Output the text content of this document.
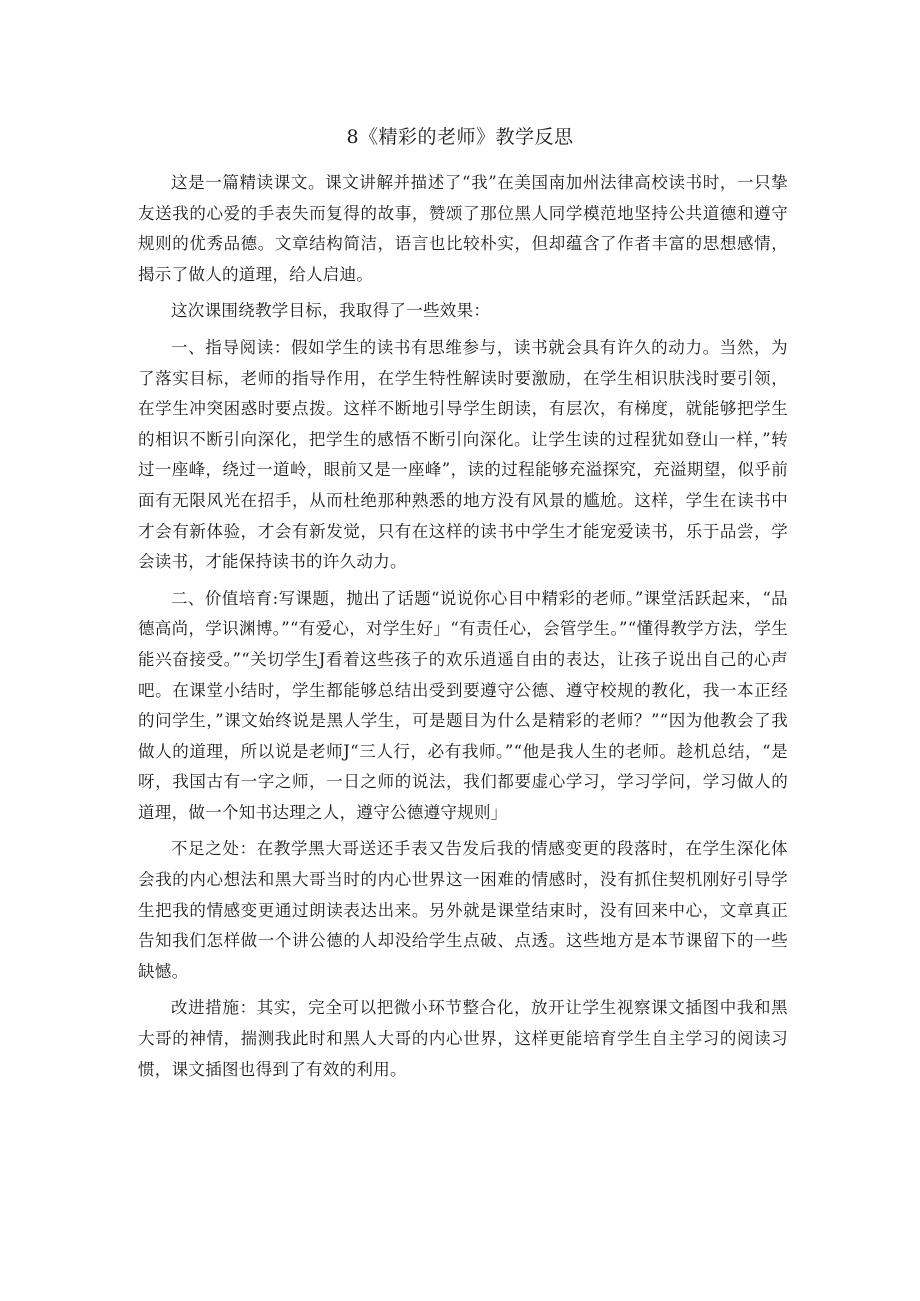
8《精彩的老师》教学反思

这是一篇精读课文。课文讲解并描述了“我”在美国南加州法律高校读书时，一只挚友送我的心爱的手表失而复得的故事，赞颂了那位黑人同学模范地坚持公共道德和遵守规则的优秀品德。文章结构简洁，语言也比较朴实，但却蕴含了作者丰富的思想感情，揭示了做人的道理，给人启迪。

这次课围绕教学目标，我取得了一些效果：

一、指导阅读：假如学生的读书有思维参与，读书就会具有许久的动力。当然，为了落实目标，老师的指导作用，在学生特性解读时要激励，在学生相识肤浅时要引领，在学生冲突困惑时要点拨。这样不断地引导学生朗读，有层次，有梯度，就能够把学生的相识不断引向深化，把学生的感悟不断引向深化。让学生读的过程犹如登山一样，”转过一座峰，绕过一道岭，眼前又是一座峰”，读的过程能够充溢探究，充溢期望，似乎前面有无限风光在招手，从而杜绝那种熟悉的地方没有风景的尴尬。这样，学生在读书中才会有新体验，才会有新发觉，只有在这样的读书中学生才能宠爱读书，乐于品尝，学会读书，才能保持读书的许久动力。

二、价值培育:写课题，抛出了话题“说说你心目中精彩的老师。”课堂活跃起来，“品德高尚，学识渊博。”“有爱心，对学生好」“有责任心，会管学生。”“懂得教学方法，学生能兴奋接受。”“关切学生J看着这些孩子的欢乐逍遥自由的表达，让孩子说出自己的心声吧。在课堂小结时，学生都能够总结出受到要遵守公德、遵守校规的教化，我一本正经的问学生，”课文始终说是黑人学生，可是题目为什么是精彩的老师？”“因为他教会了我做人的道理，所以说是老师J“三人行，必有我师。”“他是我人生的老师。趁机总结，“是呀，我国古有一字之师，一日之师的说法，我们都要虚心学习，学习学问，学习做人的道理，做一个知书达理之人，遵守公德遵守规则」

不足之处：在教学黑大哥送还手表又告发后我的情感变更的段落时，在学生深化体会我的内心想法和黑大哥当时的内心世界这一困难的情感时，没有抓住契机刚好引导学生把我的情感变更通过朗读表达出来。另外就是课堂结束时，没有回来中心，文章真正告知我们怎样做一个讲公德的人却没给学生点破、点透。这些地方是本节课留下的一些缺憾。

改进措施：其实，完全可以把微小环节整合化，放开让学生视察课文插图中我和黑大哥的神情，揣测我此时和黑人大哥的内心世界，这样更能培育学生自主学习的阅读习惯，课文插图也得到了有效的利用。
